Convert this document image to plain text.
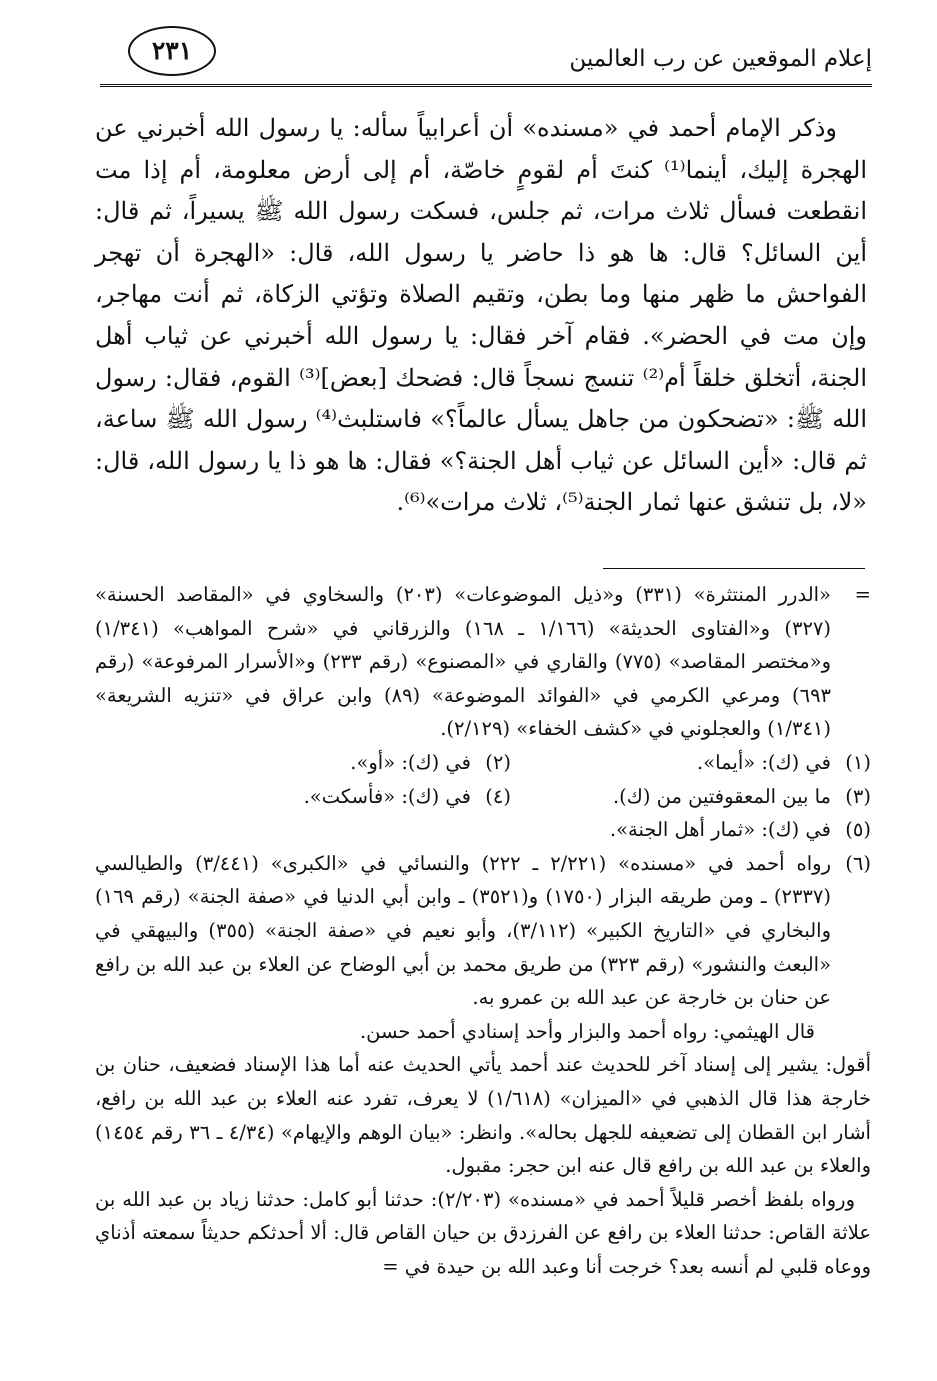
إعلام الموقعين عن رب العالمين
٢٣١

وذكر الإمام أحمد في «مسنده» أن أعرابياً سأله: يا رسول الله أخبرني عن الهجرة إليك، أينما⁽¹⁾ كنتَ أم لقومٍ خاصّة، أم إلى أرض معلومة، أم إذا مت انقطعت فسأل ثلاث مرات، ثم جلس، فسكت رسول الله ﷺ يسيراً، ثم قال: أين السائل؟ قال: ها هو ذا حاضر يا رسول الله، قال: «الهجرة أن تهجر الفواحش ما ظهر منها وما بطن، وتقيم الصلاة وتؤتي الزكاة، ثم أنت مهاجر، وإن مت في الحضر». فقام آخر فقال: يا رسول الله أخبرني عن ثياب أهل الجنة، أتخلق خلقاً أم⁽²⁾ تنسج نسجاً قال: فضحك [بعض]⁽³⁾ القوم، فقال: رسول الله ﷺ: «تضحكون من جاهل يسأل عالماً؟» فاستلبث⁽⁴⁾ رسول الله ﷺ ساعة، ثم قال: «أين السائل عن ثياب أهل الجنة؟» فقال: ها هو ذا يا رسول الله، قال: «لا، بل تنشق عنها ثمار الجنة⁽⁵⁾، ثلاث مرات»⁽⁶⁾.

=
«الدرر المنتثرة» (٣٣١) و«ذيل الموضوعات» (٢٠٣) والسخاوي في «المقاصد الحسنة» (٣٢٧) و«الفتاوى الحديثة» (١/١٦٦ ـ ١٦٨) والزرقاني في «شرح المواهب» (١/٣٤١) و«مختصر المقاصد» (٧٧٥) والقاري في «المصنوع» (رقم ٢٣٣) و«الأسرار المرفوعة» (رقم ٦٩٣) ومرعي الكرمي في «الفوائد الموضوعة» (٨٩) وابن عراق في «تنزيه الشريعة» (١/٣٤١) والعجلوني في «كشف الخفاء» (٢/١٢٩).
(١)
في (ك): «أيما».
(٢)
في (ك): «أو».
(٣)
ما بين المعقوفتين من (ك).
(٤)
في (ك): «فأسكت».
(٥)
في (ك): «ثمار أهل الجنة».
(٦)
رواه أحمد في «مسنده» (٢/٢٢١ ـ ٢٢٢) والنسائي في «الكبرى» (٣/٤٤١) والطيالسي (٢٣٣٧) ـ ومن طريقه البزار (١٧٥٠) و(٣٥٢١) ـ وابن أبي الدنيا في «صفة الجنة» (رقم ١٦٩) والبخاري في «التاريخ الكبير» (٣/١١٢)، وأبو نعيم في «صفة الجنة» (٣٥٥) والبيهقي في «البعث والنشور» (رقم ٣٢٣) من طريق محمد بن أبي الوضاح عن العلاء بن عبد الله بن رافع عن حنان بن خارجة عن عبد الله بن عمرو به.
قال الهيثمي: رواه أحمد والبزار وأحد إسنادي أحمد حسن.
أقول: يشير إلى إسناد آخر للحديث عند أحمد يأتي الحديث عنه أما هذا الإسناد فضعيف، حنان بن خارجة هذا قال الذهبي في «الميزان» (١/٦١٨) لا يعرف، تفرد عنه العلاء بن عبد الله بن رافع، أشار ابن القطان إلى تضعيفه للجهل بحاله». وانظر: «بيان الوهم والإيهام» (٤/٣٤ ـ ٣٦ رقم ١٤٥٤) والعلاء بن عبد الله بن رافع قال عنه ابن حجر: مقبول.
ورواه بلفظ أخصر قليلاً أحمد في «مسنده» (٢/٢٠٣): حدثنا أبو كامل: حدثنا زياد بن عبد الله بن علاثة القاص: حدثنا العلاء بن رافع عن الفرزدق بن حيان القاص قال: ألا أحدثكم حديثاً سمعته أذناي ووعاه قلبي لم أنسه بعد؟ خرجت أنا وعبد الله بن حيدة في =
